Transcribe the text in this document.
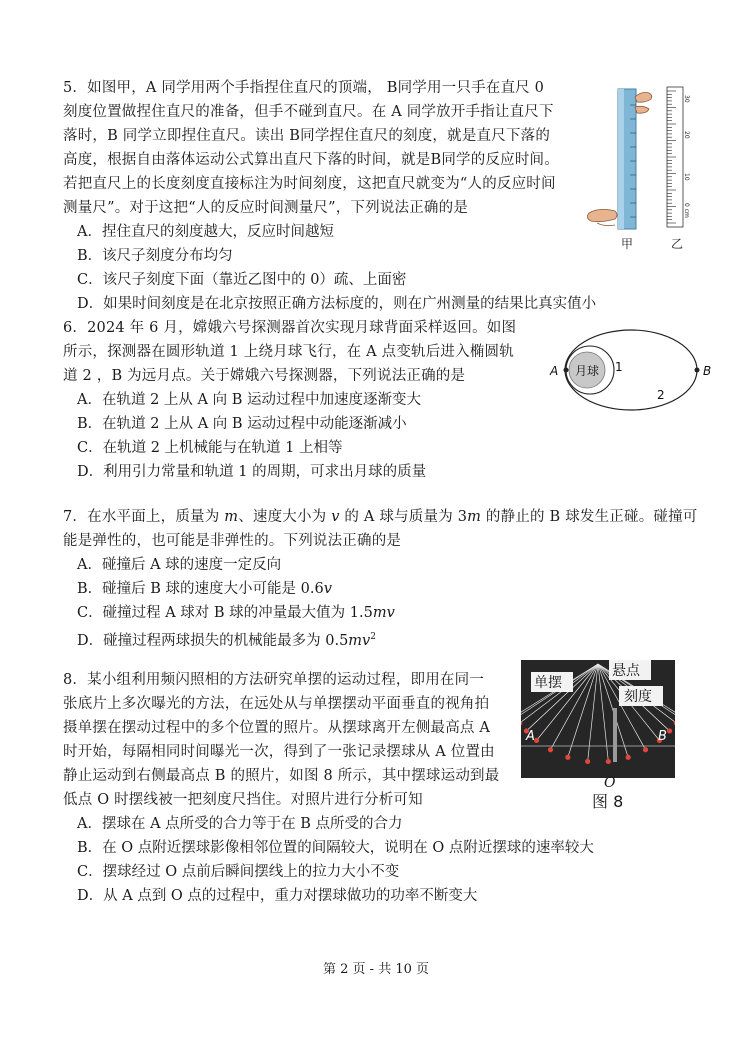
5．如图甲，A 同学用两个手指捏住直尺的顶端， B同学用一只手在直尺 0
刻度位置做捏住直尺的准备，但手不碰到直尺。在 A 同学放开手指让直尺下
落时，B 同学立即捏住直尺。读出 B同学捏住直尺的刻度，就是直尺下落的
高度，根据自由落体运动公式算出直尺下落的时间，就是B同学的反应时间。
若把直尺上的长度刻度直接标注为时间刻度，这把直尺就变为“人的反应时间
测量尺”。对于这把“人的反应时间测量尺”，下列说法正确的是
A．捏住直尺的刻度越大，反应时间越短
B．该尺子刻度分布均匀
C．该尺子刻度下面（靠近乙图中的 0）疏、上面密
D．如果时间刻度是在北京按照正确方法标度的，则在广州测量的结果比真实值小
甲
30
20
10
0 cm
乙
6．2024 年 6 月，嫦娥六号探测器首次实现月球背面采样返回。如图
所示，探测器在圆形轨道 1 上绕月球飞行，在 A 点变轨后进入椭圆轨
道 2 ，B 为远月点。关于嫦娥六号探测器，下列说法正确的是
A．在轨道 2 上从 A 向 B 运动过程中加速度逐渐变大
B．在轨道 2 上从 A 向 B 运动过程中动能逐渐减小
C．在轨道 2 上机械能与在轨道 1 上相等
D．利用引力常量和轨道 1 的周期，可求出月球的质量
月球 1
2
A	B
7．在水平面上，质量为 m、速度大小为 v 的 A 球与质量为 3m 的静止的 B 球发生正碰。碰撞可
能是弹性的，也可能是非弹性的。下列说法正确的是
A．碰撞后 A 球的速度一定反向
B．碰撞后 B 球的速度大小可能是 0.6v
C．碰撞过程 A 球对 B 球的冲量最大值为 1.5mv
D．碰撞过程两球损失的机械能最多为 $0.5mv^2$
8．某小组利用频闪照相的方法研究单摆的运动过程，即用在同一
张底片上多次曝光的方法，在远处从与单摆摆动平面垂直的视角拍
摄单摆在摆动过程中的多个位置的照片。从摆球离开左侧最高点 A
时开始，每隔相同时间曝光一次，得到了一张记录摆球从 A 位置由
静止运动到右侧最高点 B 的照片，如图 8 所示，其中摆球运动到最
低点 O 时摆线被一把刻度尺挡住。对照片进行分析可知
A．摆球在 A 点所受的合力等于在 B 点所受的合力
B．在 O 点附近摆球影像相邻位置的间隔较大，说明在 O 点附近摆球的速率较大
C．摆球经过 O 点前后瞬间摆线上的拉力大小不变
D．从 A 点到 O 点的过程中，重力对摆球做功的功率不断变大
单摆
悬点
刻度
A	B
O
图 8
第 2 页 - 共 10 页
